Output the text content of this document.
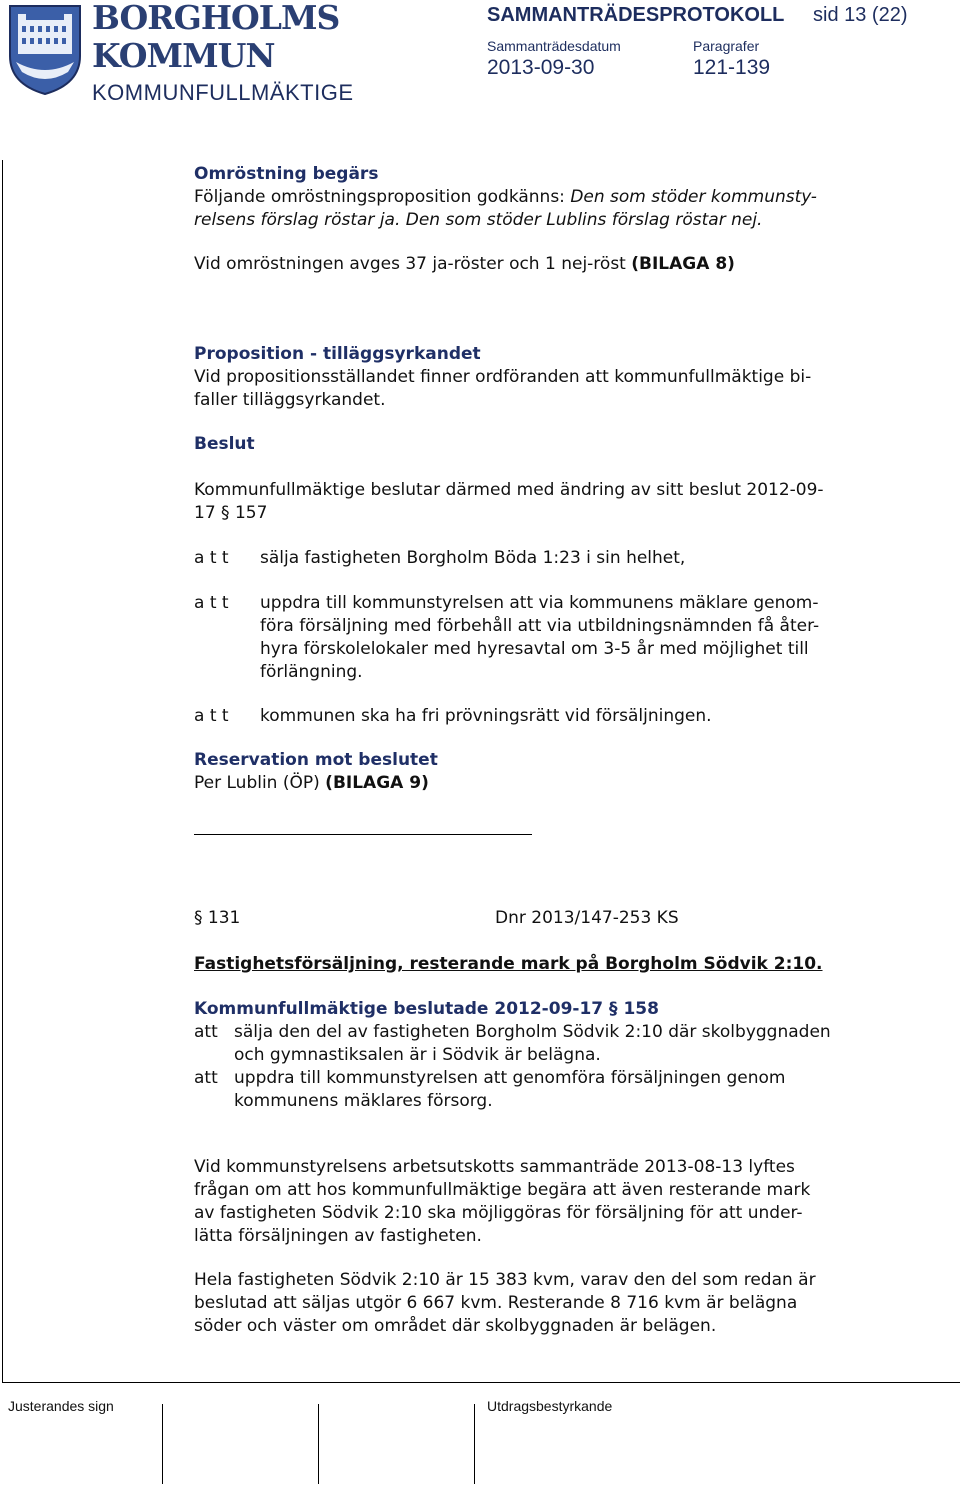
BORGHOLMS
KOMMUN
KOMMUNFULLMÄKTIGE
SAMMANTRÄDESPROTOKOLL sid 13 (22)
Sammanträdesdatum
2013-09-30
Paragrafer
121-139
Omröstning begärs
Följande omröstningsproposition godkänns: Den som stöder kommunsty-
relsens förslag röstar ja. Den som stöder Lublins förslag röstar nej.
Vid omröstningen avges 37 ja-röster och 1 nej-röst (BILAGA 8)
Proposition - tilläggsyrkandet
Vid propositionsställandet finner ordföranden att kommunfullmäktige bi-
faller tilläggsyrkandet.
Beslut
Kommunfullmäktige beslutar därmed med ändring av sitt beslut 2012-09-
17 § 157
a t t sälja fastigheten Borgholm Böda 1:23 i sin helhet,
a t t uppdra till kommunstyrelsen att via kommunens mäklare genom-
föra försäljning med förbehåll att via utbildningsnämnden få åter-
hyra förskolelokaler med hyresavtal om 3-5 år med möjlighet till
förlängning.
a t t kommunen ska ha fri prövningsrätt vid försäljningen.
Reservation mot beslutet
Per Lublin (ÖP) (BILAGA 9)
§ 131	Dnr 2013/147-253 KS
Fastighetsförsäljning, resterande mark på Borgholm Södvik 2:10.
Kommunfullmäktige beslutade 2012-09-17 § 158
att sälja den del av fastigheten Borgholm Södvik 2:10 där skolbyggnaden
och gymnastiksalen är i Södvik är belägna.
att uppdra till kommunstyrelsen att genomföra försäljningen genom
kommunens mäklares försorg.
Vid kommunstyrelsens arbetsutskotts sammanträde 2013-08-13 lyftes
frågan om att hos kommunfullmäktige begära att även resterande mark
av fastigheten Södvik 2:10 ska möjliggöras för försäljning för att under-
lätta försäljningen av fastigheten.
Hela fastigheten Södvik 2:10 är 15 383 kvm, varav den del som redan är
beslutad att säljas utgör 6 667 kvm. Resterande 8 716 kvm är belägna
söder och väster om området där skolbyggnaden är belägen.
Justerandes sign	Utdragsbestyrkande
